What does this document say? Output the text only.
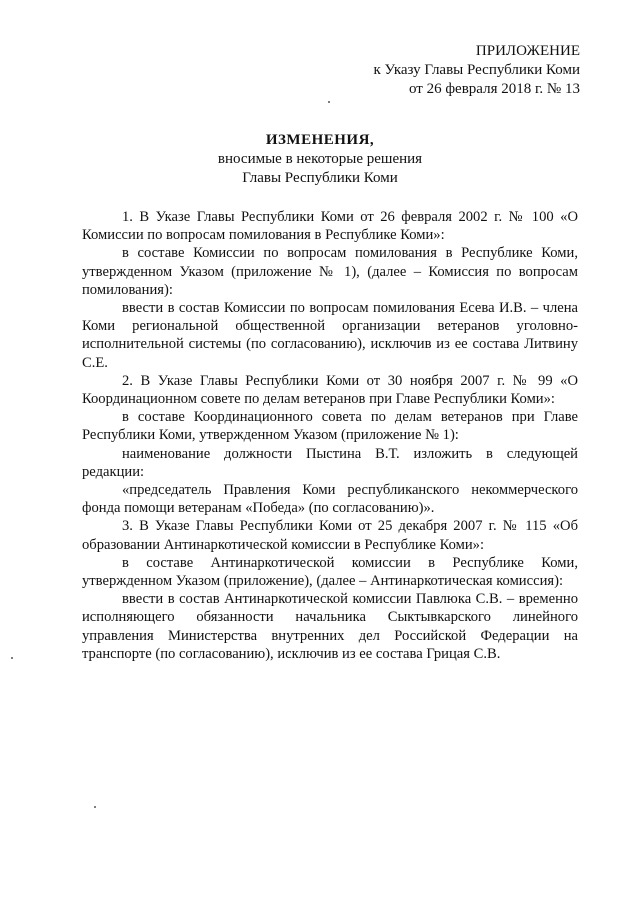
ПРИЛОЖЕНИЕ
к Указу Главы Республики Коми
от 26 февраля 2018 г. № 13
ИЗМЕНЕНИЯ,
вносимые в некоторые решения
Главы Республики Коми

1. В Указе Главы Республики Коми от 26 февраля 2002 г. № 100 «О Комиссии по вопросам помилования в Республике Коми»:

в составе Комиссии по вопросам помилования в Республике Коми, утвержденном Указом (приложение № 1), (далее – Комиссия по вопросам помилования):

ввести в состав Комиссии по вопросам помилования Есева И.В. – члена Коми региональной общественной организации ветеранов уголовно-исполнительной системы (по согласованию), исключив из ее состава Литвину С.Е.

2. В Указе Главы Республики Коми от 30 ноября 2007 г. № 99 «О Координационном совете по делам ветеранов при Главе Республики Коми»:

в составе Координационного совета по делам ветеранов при Главе Республики Коми, утвержденном Указом (приложение № 1):

наименование должности Пыстина В.Т. изложить в следующей редакции:

«председатель Правления Коми республиканского некоммерческого фонда помощи ветеранам «Победа» (по согласованию)».

3. В Указе Главы Республики Коми от 25 декабря 2007 г. № 115 «Об образовании Антинаркотической комиссии в Республике Коми»:

в составе Антинаркотической комиссии в Республике Коми, утвержденном Указом (приложение), (далее – Антинаркотическая комиссия):

ввести в состав Антинаркотической комиссии Павлюка С.В. – временно исполняющего обязанности начальника Сыктывкарского линейного управления Министерства внутренних дел Российской Федерации на транспорте (по согласованию), исключив из ее состава Грицая С.В.
